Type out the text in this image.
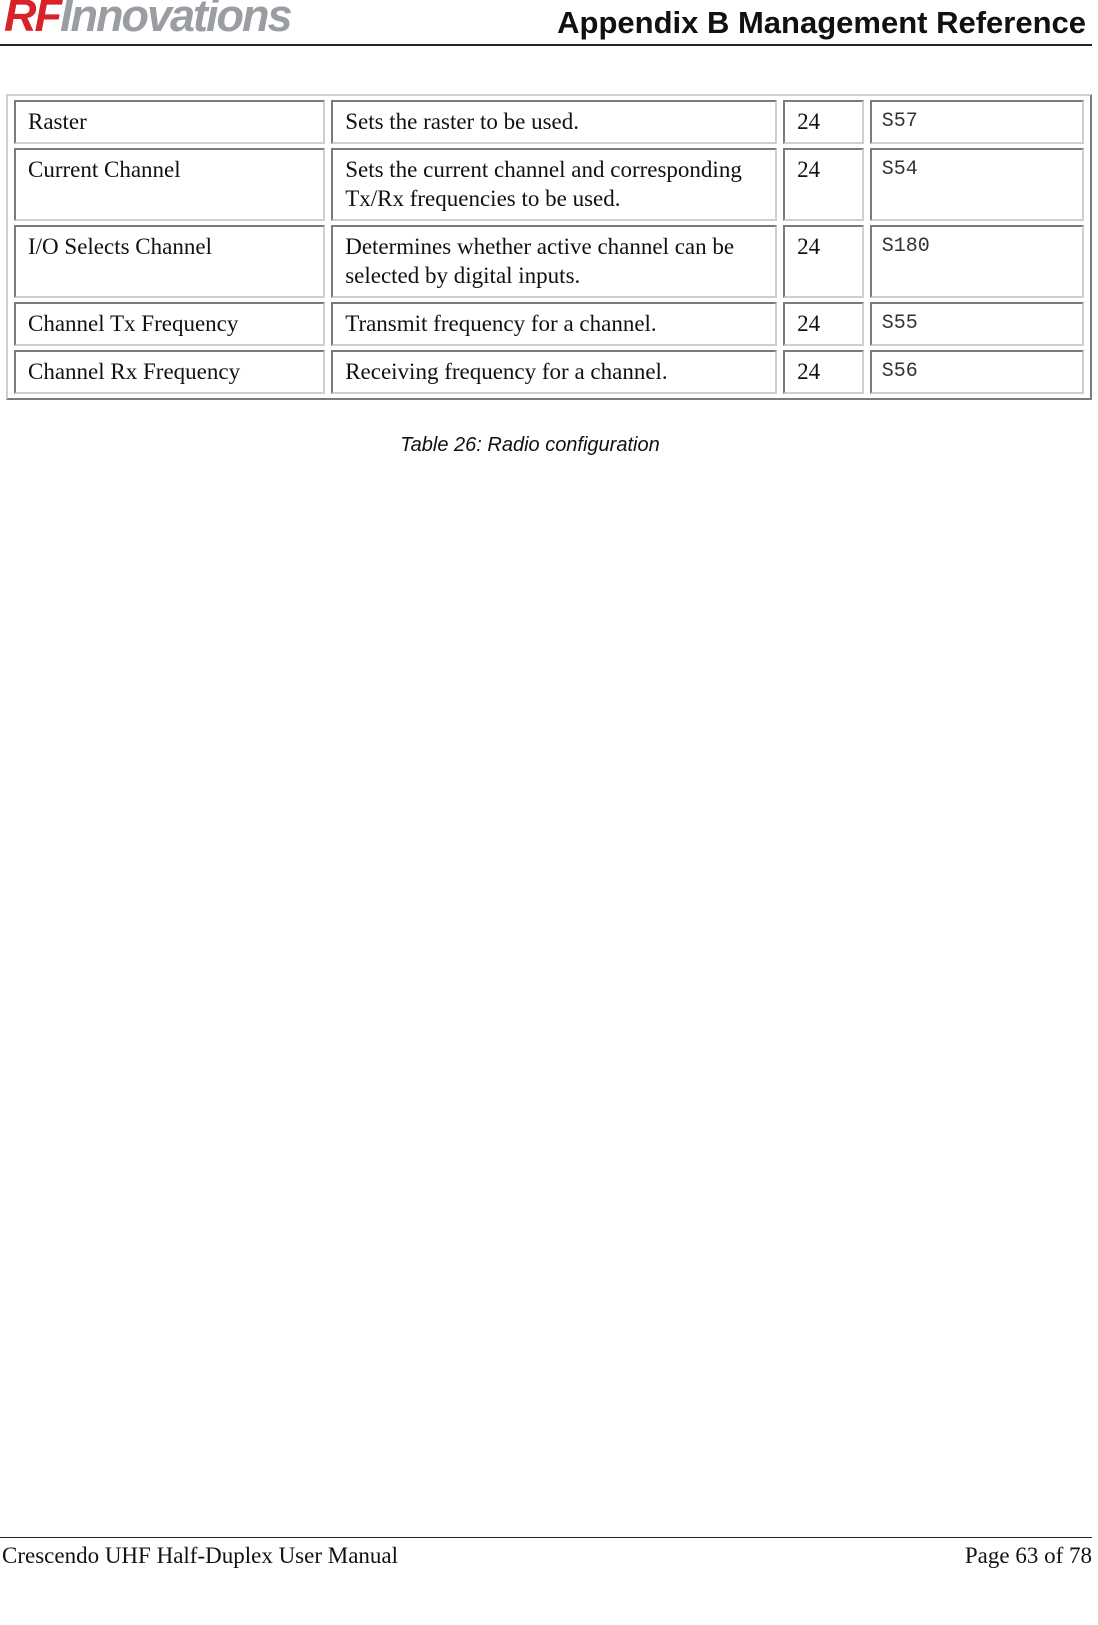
RFInnovations	Appendix B Management Reference
Raster	Sets the raster to be used.	24	S57
Current Channel	Sets the current channel and corresponding Tx/Rx frequencies to be used.	24	S54
I/O Selects Channel	Determines whether active channel can be selected by digital inputs.	24	S180
Channel Tx Frequency	Transmit frequency for a channel.	24	S55
Channel Rx Frequency	Receiving frequency for a channel.	24	S56
Table 26: Radio configuration
Crescendo UHF Half-Duplex User Manual	Page 63 of 78
